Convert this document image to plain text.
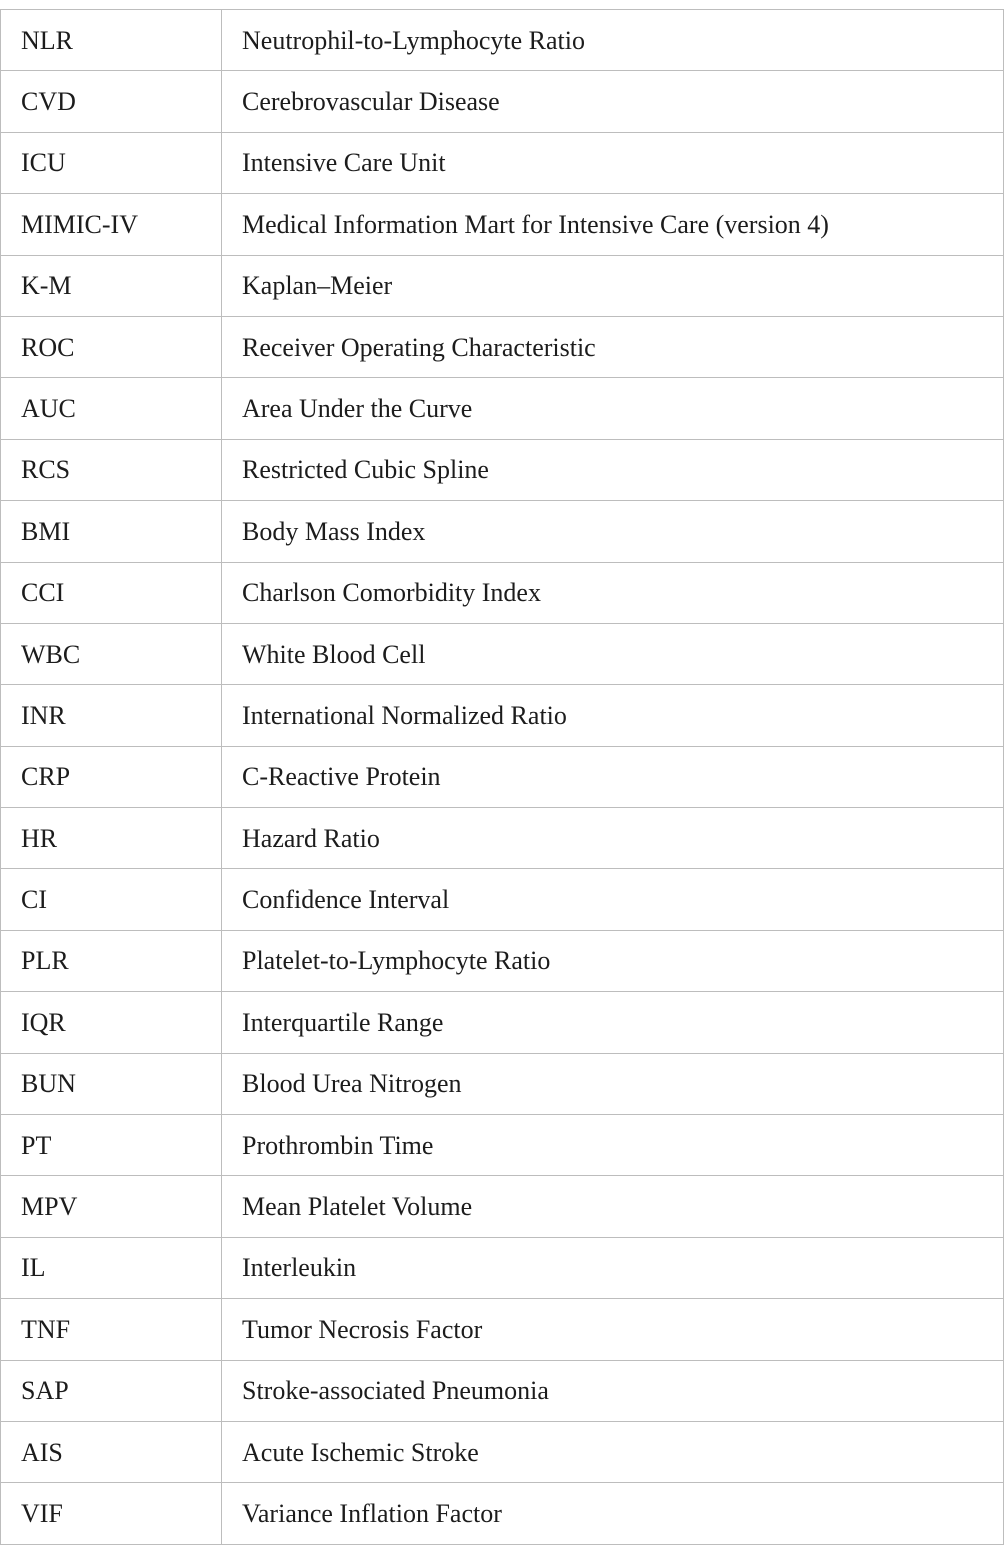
NLR	Neutrophil-to-Lymphocyte Ratio
CVD	Cerebrovascular Disease
ICU	Intensive Care Unit
MIMIC-IV	Medical Information Mart for Intensive Care (version 4)
K-M	Kaplan–Meier
ROC	Receiver Operating Characteristic
AUC	Area Under the Curve
RCS	Restricted Cubic Spline
BMI	Body Mass Index
CCI	Charlson Comorbidity Index
WBC	White Blood Cell
INR	International Normalized Ratio
CRP	C-Reactive Protein
HR	Hazard Ratio
CI	Confidence Interval
PLR	Platelet-to-Lymphocyte Ratio
IQR	Interquartile Range
BUN	Blood Urea Nitrogen
PT	Prothrombin Time
MPV	Mean Platelet Volume
IL	Interleukin
TNF	Tumor Necrosis Factor
SAP	Stroke-associated Pneumonia
AIS	Acute Ischemic Stroke
VIF	Variance Inflation Factor
